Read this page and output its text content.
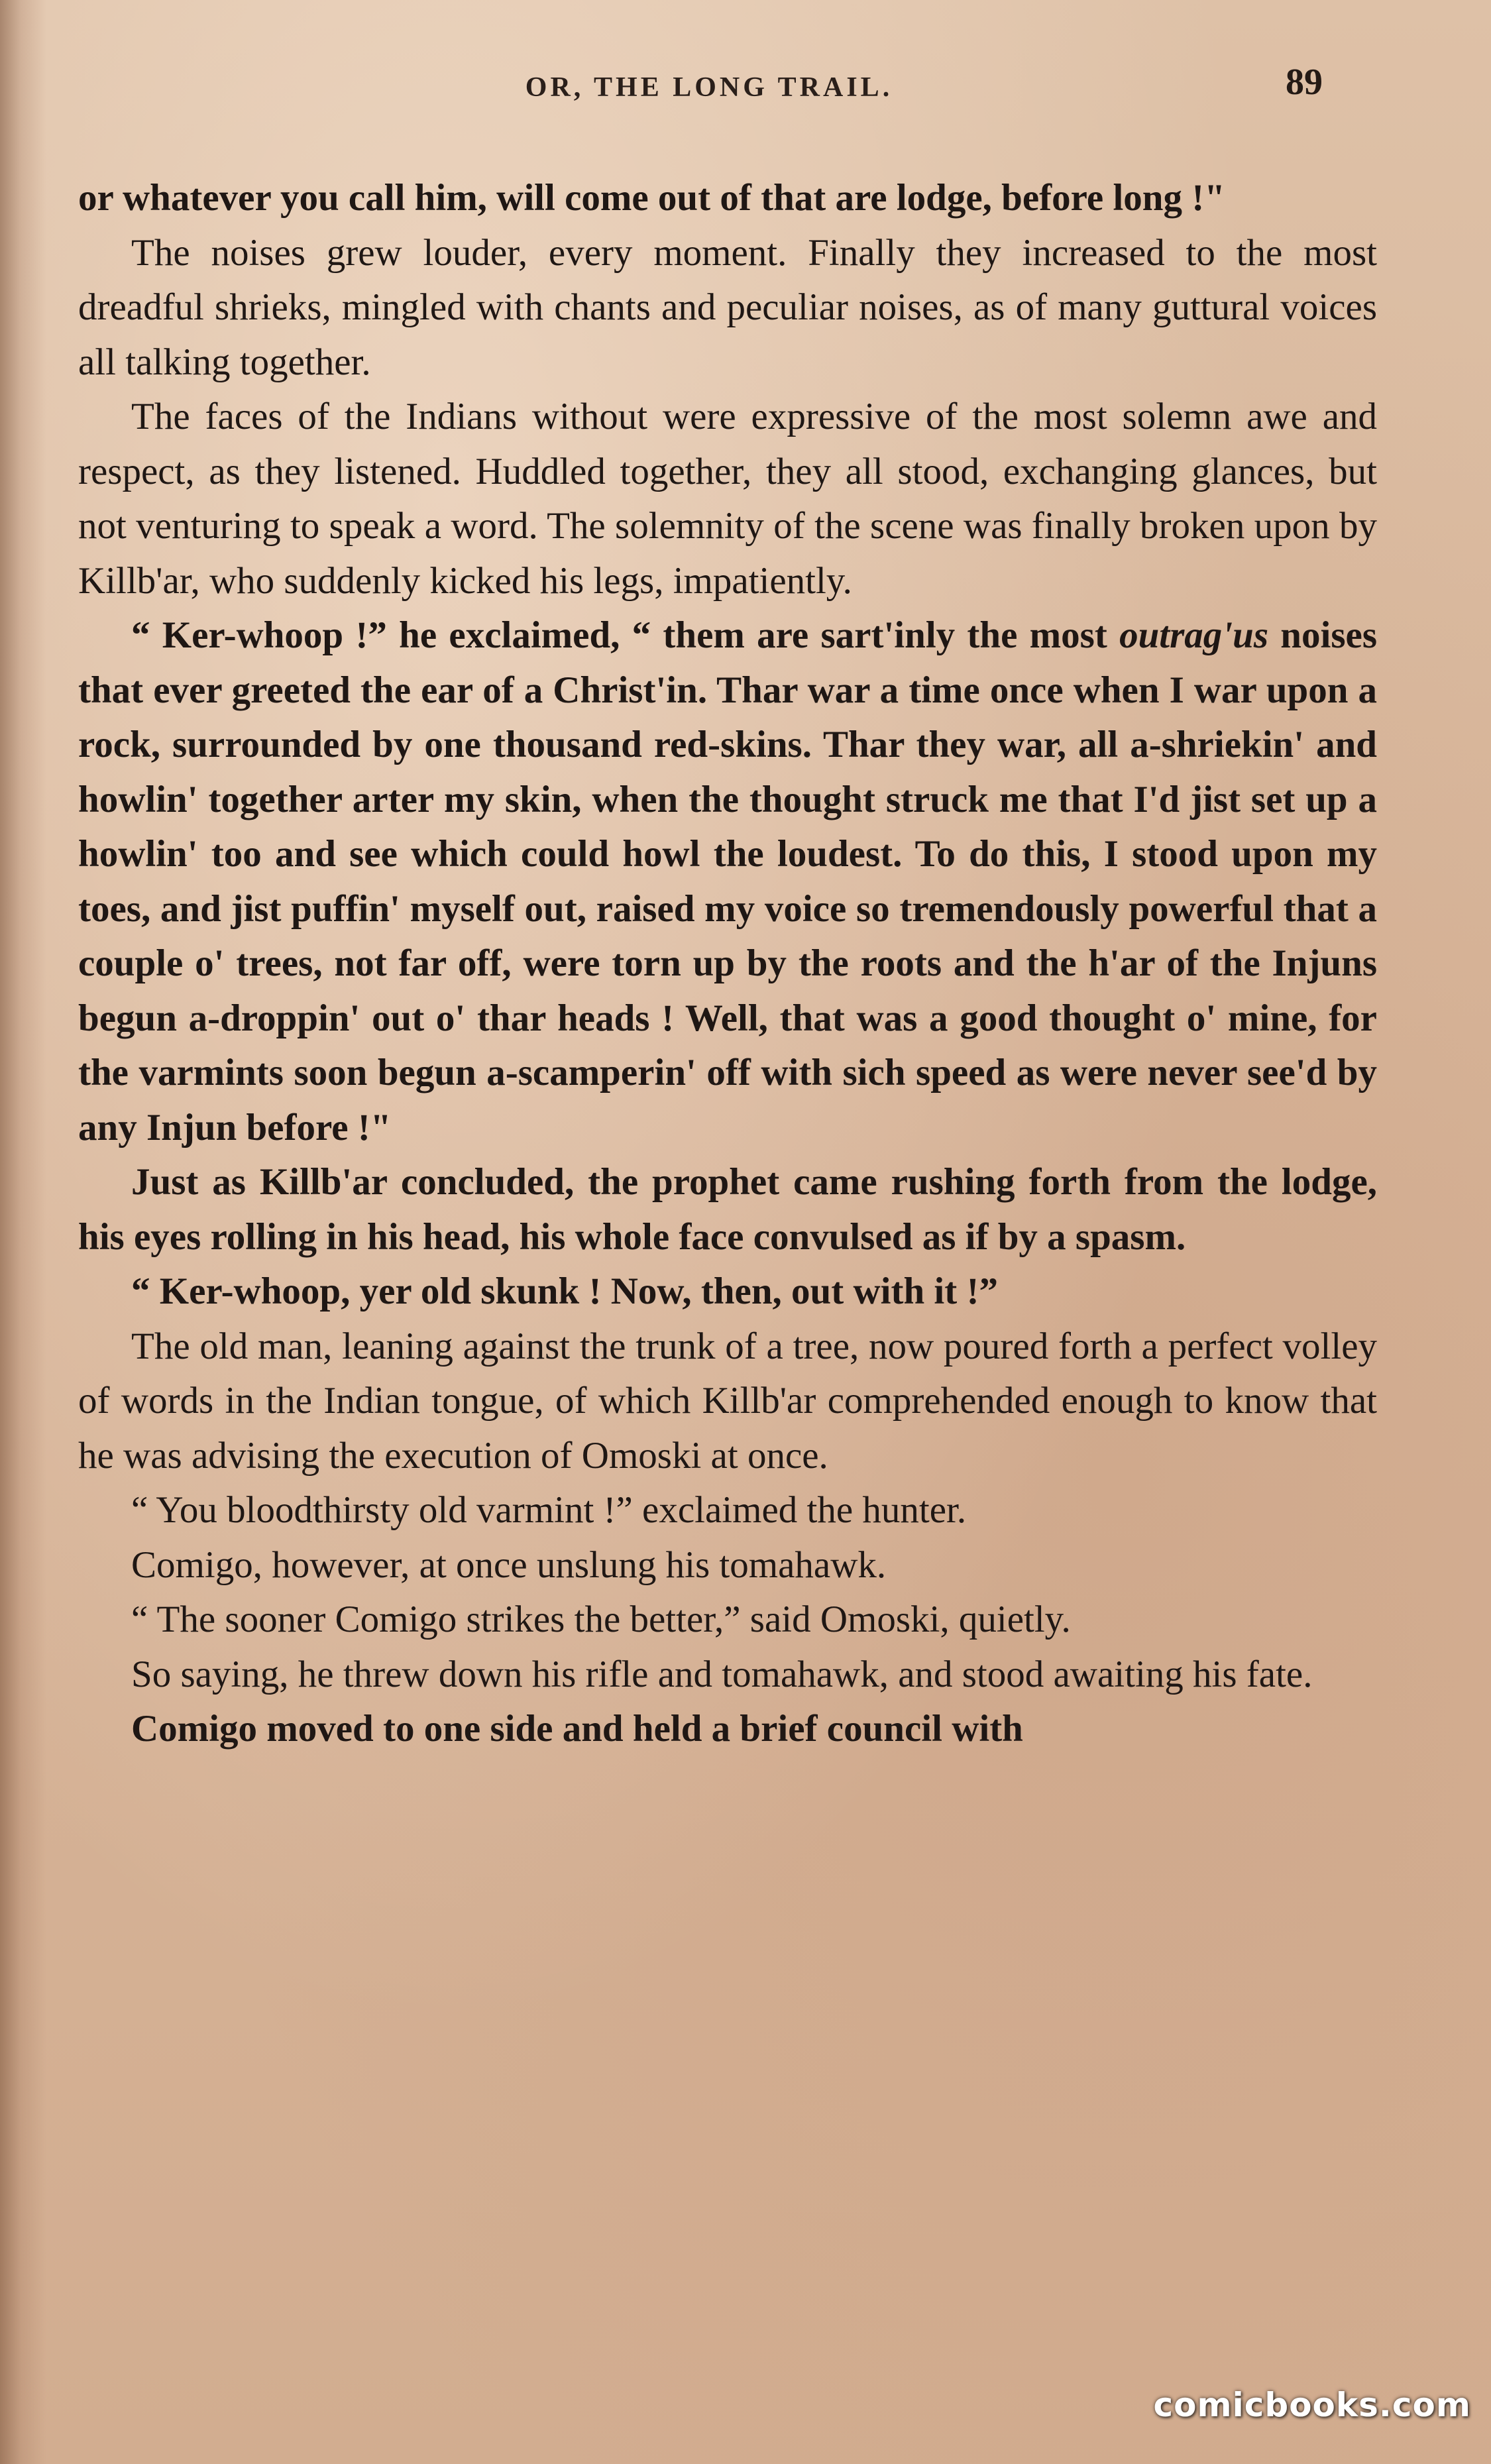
OR, THE LONG TRAIL.	89

or whatever you call him, will come out of that are lodge, before long !"

The noises grew louder, every moment. Finally they increased to the most dreadful shrieks, mingled with chants and peculiar noises, as of many guttural voices all talking together.

The faces of the Indians without were expressive of the most solemn awe and respect, as they listened. Huddled together, they all stood, exchanging glances, but not venturing to speak a word. The solemnity of the scene was finally broken upon by Killb'ar, who suddenly kicked his legs, impatiently.

“ Ker-whoop !” he exclaimed, “ them are sart'inly the most outrag'us noises that ever greeted the ear of a Christ'in. Thar war a time once when I war upon a rock, surrounded by one thousand red-skins. Thar they war, all a-shriekin' and howlin' together arter my skin, when the thought struck me that I'd jist set up a howlin' too and see which could howl the loudest. To do this, I stood upon my toes, and jist puffin' myself out, raised my voice so tremendously powerful that a couple o' trees, not far off, were torn up by the roots and the h'ar of the Injuns begun a-droppin' out o' thar heads ! Well, that was a good thought o' mine, for the varmints soon begun a-scamperin' off with sich speed as were never see'd by any Injun before !"

Just as Killb'ar concluded, the prophet came rushing forth from the lodge, his eyes rolling in his head, his whole face convulsed as if by a spasm.

“ Ker-whoop, yer old skunk ! Now, then, out with it !”

The old man, leaning against the trunk of a tree, now poured forth a perfect volley of words in the Indian tongue, of which Killb'ar comprehended enough to know that he was advising the execution of Omoski at once.

“ You bloodthirsty old varmint !” exclaimed the hunter.

Comigo, however, at once unslung his tomahawk.

“ The sooner Comigo strikes the better,” said Omoski, quietly.

So saying, he threw down his rifle and tomahawk, and stood awaiting his fate.

Comigo moved to one side and held a brief council with

comicbooks.com
